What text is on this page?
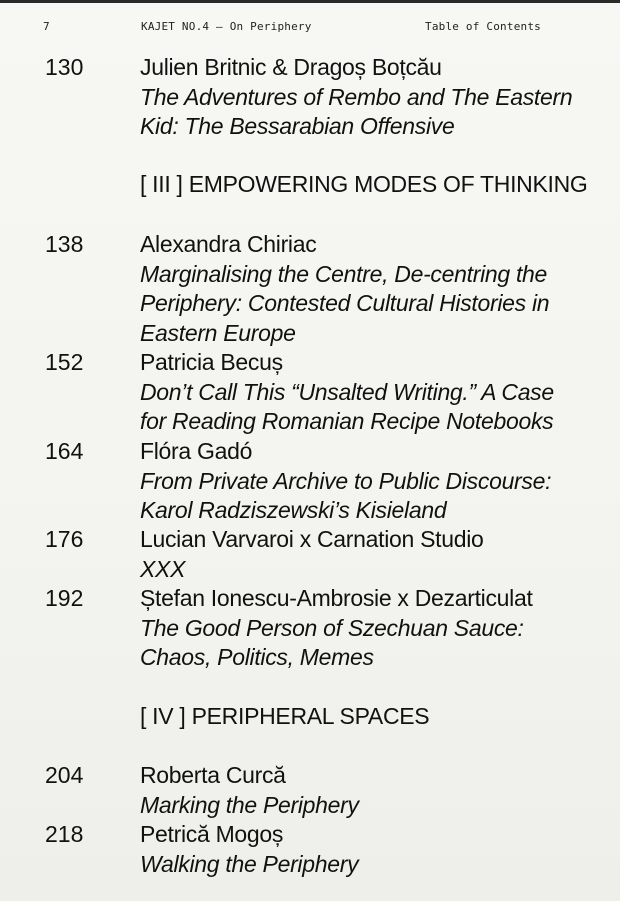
7	KAJET NO.4 – On Periphery	Table of Contents
130 Julien Britnic & Dragoș Boțcău
The Adventures of Rembo and The Eastern
Kid: The Bessarabian Offensive
[ III ] EMPOWERING MODES OF THINKING
138 Alexandra Chiriac
Marginalising the Centre, De-centring the
Periphery: Contested Cultural Histories in
Eastern Europe
152 Patricia Becuș
Don’t Call This “Unsalted Writing.” A Case
for Reading Romanian Recipe Notebooks
164 Flóra Gadó
From Private Archive to Public Discourse:
Karol Radziszewski’s Kisieland
176 Lucian Varvaroi x Carnation Studio
XXX
192 Ștefan Ionescu-Ambrosie x Dezarticulat
The Good Person of Szechuan Sauce:
Chaos, Politics, Memes
[ IV ] PERIPHERAL SPACES
204 Roberta Curcă
Marking the Periphery
218 Petrică Mogoș
Walking the Periphery
